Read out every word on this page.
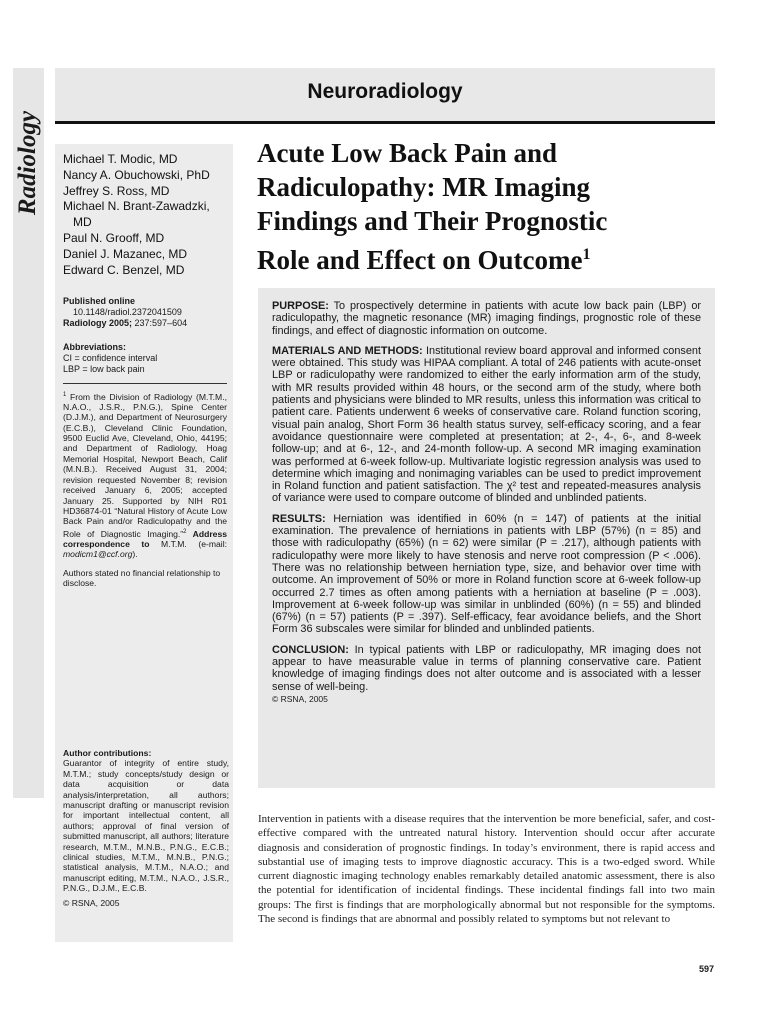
Radiology
Neuroradiology
Michael T. Modic, MD
Nancy A. Obuchowski, PhD
Jeffrey S. Ross, MD
Michael N. Brant-Zawadzki,
MD
Paul N. Grooff, MD
Daniel J. Mazanec, MD
Edward C. Benzel, MD
Published online
10.1148/radiol.2372041509
Radiology 2005; 237:597–604
Abbreviations:
CI = confidence interval
LBP = low back pain
$^1$ From the Division of Radiology (M.T.M., N.A.O., J.S.R., P.N.G.), Spine Center (D.J.M.), and Department of Neurosurgery (E.C.B.), Cleveland Clinic Foundation, 9500 Euclid Ave, Cleveland, Ohio, 44195; and Department of Radiology, Hoag Memorial Hospital, Newport Beach, Calif (M.N.B.). Received August 31, 2004; revision requested November 8; revision received January 6, 2005; accepted January 25. Supported by NIH R01 HD36874-01 “Natural History of Acute Low Back Pain and/or Radiculopathy and the Role of Diagnostic Imaging.”$^2$ Address correspondence to M.T.M. (e-mail: modicm1@ccf.org).
Authors stated no financial relationship to disclose.
Author contributions:
Guarantor of integrity of entire study, M.T.M.; study concepts/study design or data acquisition or data analysis/interpretation, all authors; manuscript drafting or manuscript revision for important intellectual content, all authors; approval of final version of submitted manuscript, all authors; literature research, M.T.M., M.N.B., P.N.G., E.C.B.; clinical studies, M.T.M., M.N.B., P.N.G.; statistical analysis, M.T.M., N.A.O.; and manuscript editing, M.T.M., N.A.O., J.S.R., P.N.G., D.J.M., E.C.B.
© RSNA, 2005
Acute Low Back Pain and
Radiculopathy: MR Imaging
Findings and Their Prognostic
Role and Effect on Outcome$^1$

PURPOSE: To prospectively determine in patients with acute low back pain (LBP) or radiculopathy, the magnetic resonance (MR) imaging findings, prognostic role of these findings, and effect of diagnostic information on outcome.

MATERIALS AND METHODS: Institutional review board approval and informed consent were obtained. This study was HIPAA compliant. A total of 246 patients with acute-onset LBP or radiculopathy were randomized to either the early information arm of the study, with MR results provided within 48 hours, or the second arm of the study, where both patients and physicians were blinded to MR results, unless this information was critical to patient care. Patients underwent 6 weeks of conservative care. Roland function scoring, visual pain analog, Short Form 36 health status survey, self-efficacy scoring, and a fear avoidance questionnaire were completed at presentation; at 2-, 4-, 6-, and 8-week follow-up; and at 6-, 12-, and 24-month follow-up. A second MR imaging examination was performed at 6-week follow-up. Multivariate logistic regression analysis was used to determine which imaging and nonimaging variables can be used to predict improvement in Roland function and patient satisfaction. The χ² test and repeated-measures analysis of variance were used to compare outcome of blinded and unblinded patients.

RESULTS: Herniation was identified in 60% (n = 147) of patients at the initial examination. The prevalence of herniations in patients with LBP (57%) (n = 85) and those with radiculopathy (65%) (n = 62) were similar (P = .217), although patients with radiculopathy were more likely to have stenosis and nerve root compression (P < .006). There was no relationship between herniation type, size, and behavior over time with outcome. An improvement of 50% or more in Roland function score at 6-week follow-up occurred 2.7 times as often among patients with a herniation at baseline (P = .003). Improvement at 6-week follow-up was similar in unblinded (60%) (n = 55) and blinded (67%) (n = 57) patients (P = .397). Self-efficacy, fear avoidance beliefs, and the Short Form 36 subscales were similar for blinded and unblinded patients.

CONCLUSION: In typical patients with LBP or radiculopathy, MR imaging does not appear to have measurable value in terms of planning conservative care. Patient knowledge of imaging findings does not alter outcome and is associated with a lesser sense of well-being.

© RSNA, 2005
Intervention in patients with a disease requires that the intervention be more beneficial, safer, and cost-effective compared with the untreated natural history. Intervention should occur after accurate diagnosis and consideration of prognostic findings. In today’s environment, there is rapid access and substantial use of imaging tests to improve diagnostic accuracy. This is a two-edged sword. While current diagnostic imaging technology enables remarkably detailed anatomic assessment, there is also the potential for identification of incidental findings. These incidental findings fall into two main groups: The first is findings that are morphologically abnormal but not responsible for the symptoms. The second is findings that are abnormal and possibly related to symptoms but not relevant to
597
